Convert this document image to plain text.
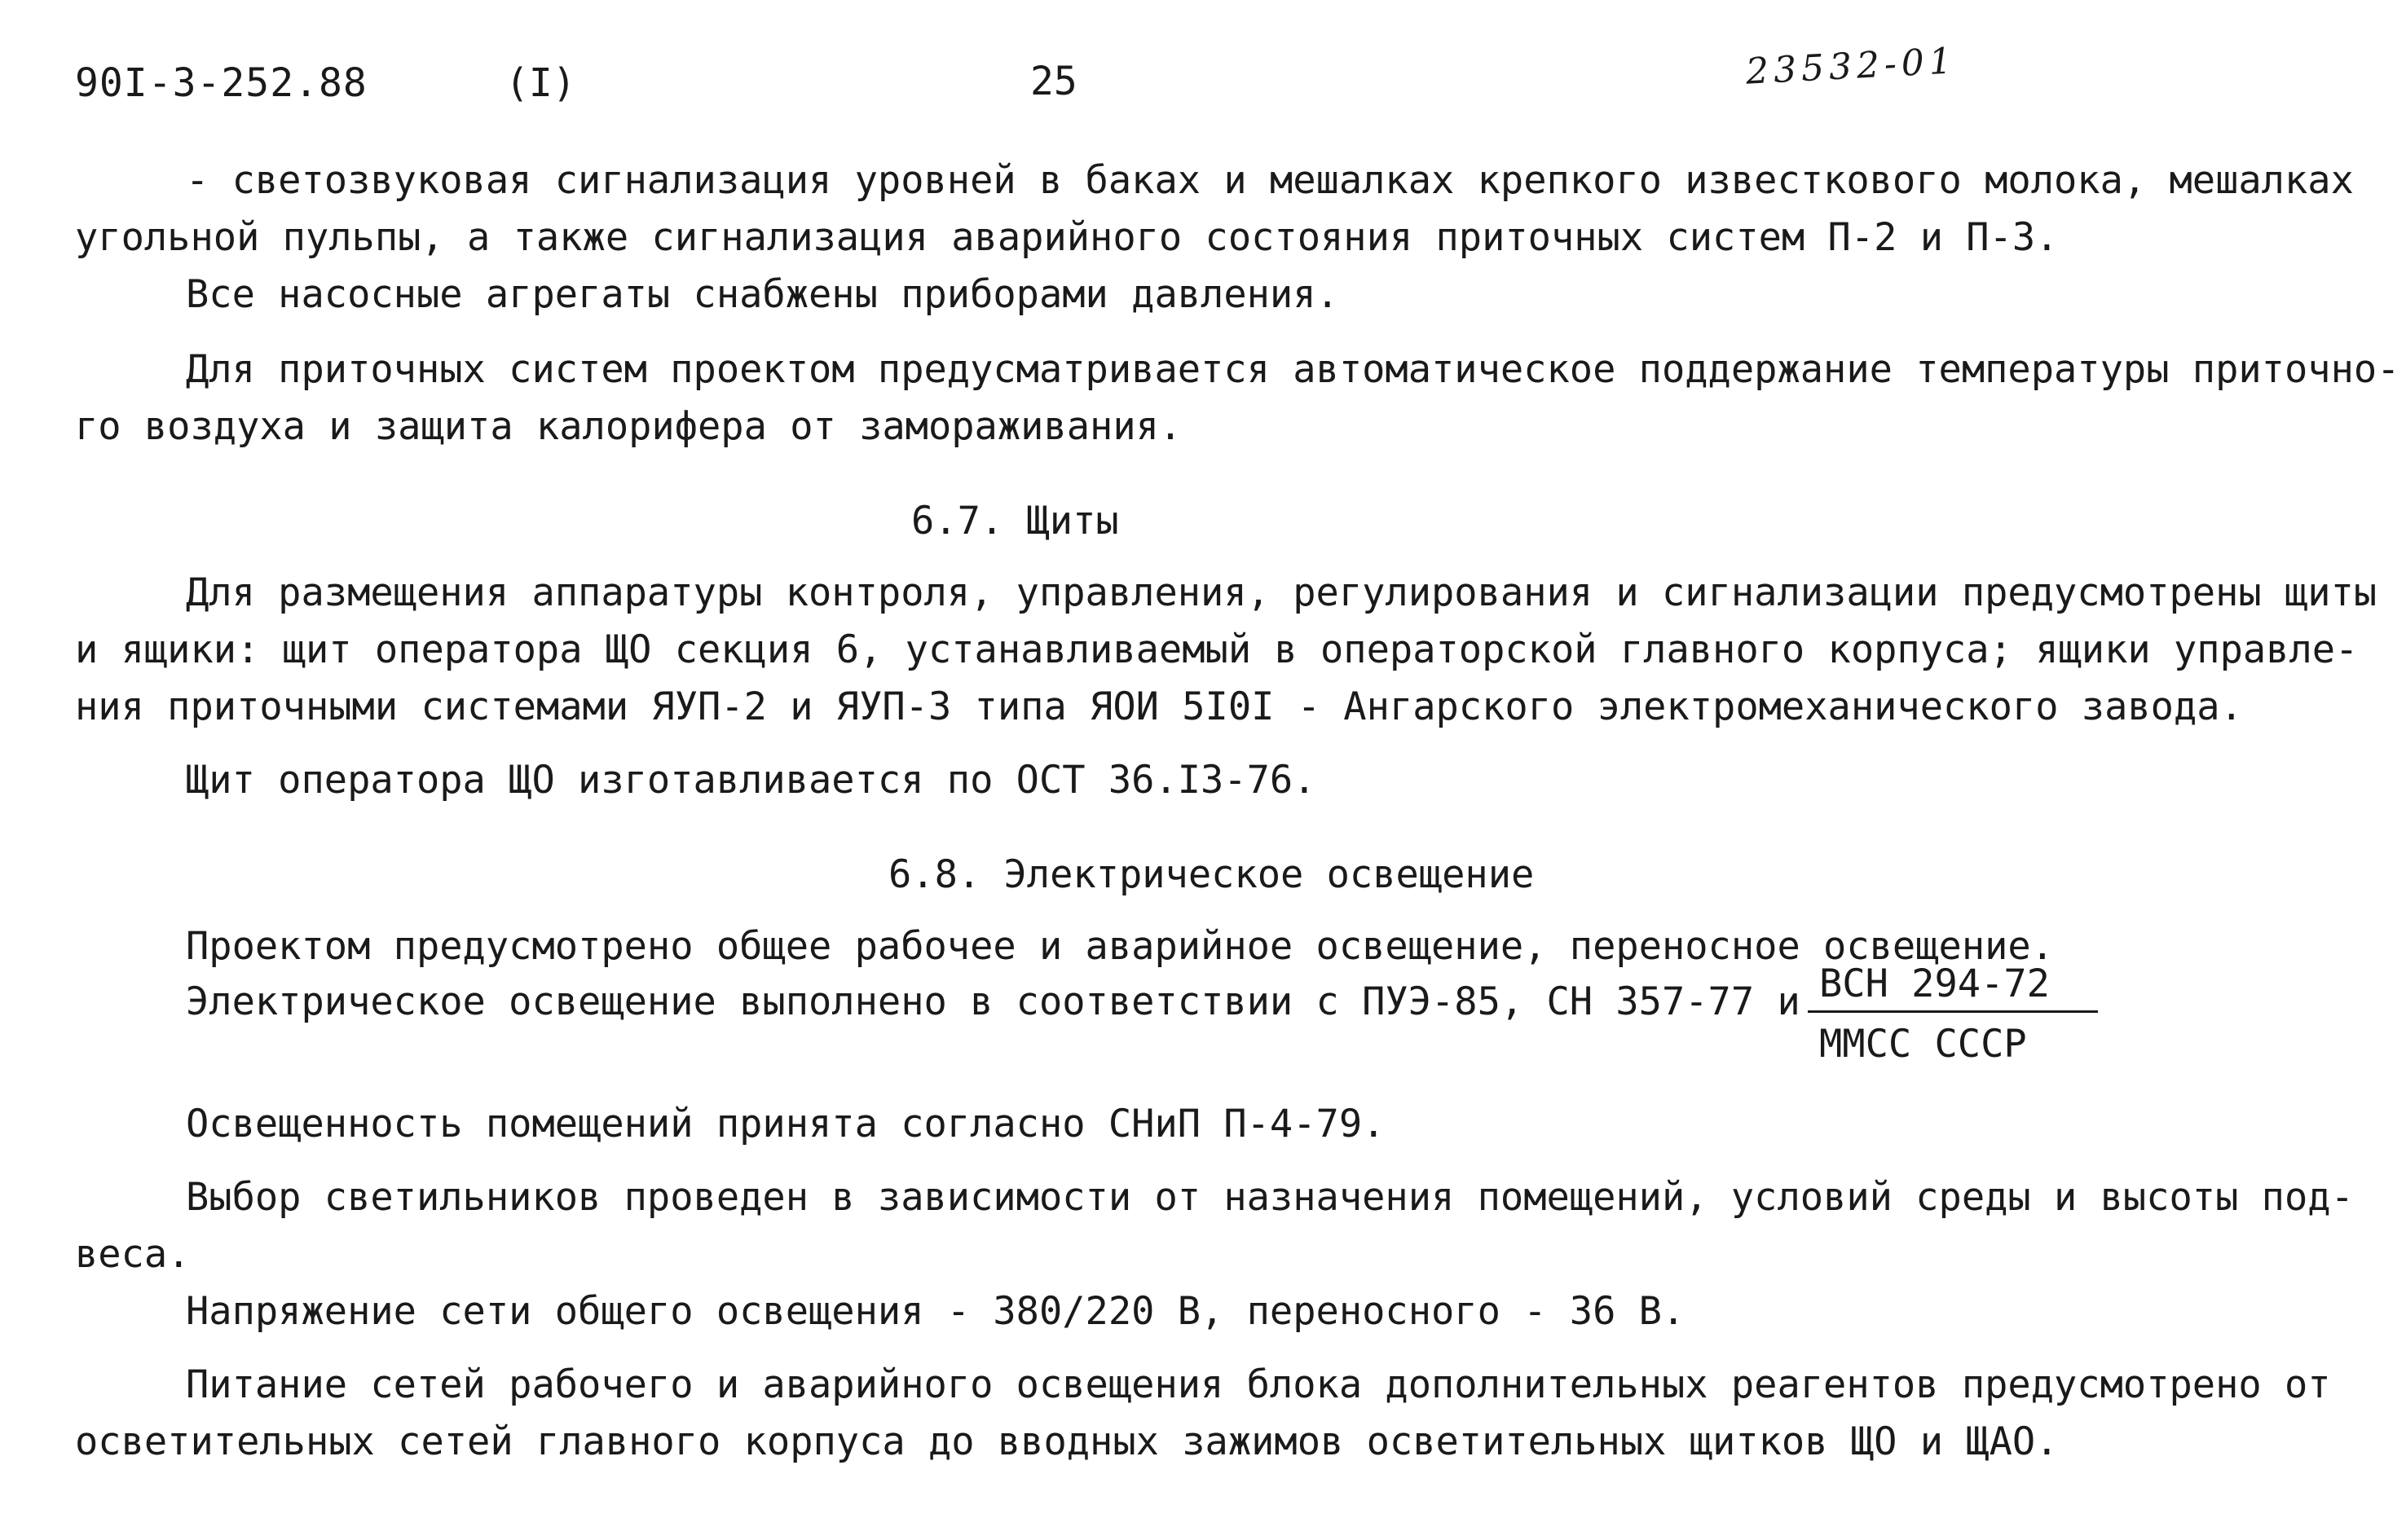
90I-3-252.88	(I)	25	23532-01
- светозвуковая сигнализация уровней в баках и мешалках крепкого известкового молока, мешалках
угольной пульпы, а также сигнализация аварийного состояния приточных систем П-2 и П-3.
Все насосные агрегаты снабжены приборами давления.
Для приточных систем проектом предусматривается автоматическое поддержание температуры приточно-
го воздуха и защита калорифера от замораживания.
6.7. Щиты
Для размещения аппаратуры контроля, управления, регулирования и сигнализации предусмотрены щиты
и ящики: щит оператора ЩО секция 6, устанавливаемый в операторской главного корпуса; ящики управле-
ния приточными системами ЯУП-2 и ЯУП-3 типа ЯОИ 5I0I - Ангарского электромеханического завода.
Щит оператора ЩО изготавливается по ОСТ 36.I3-76.
6.8. Электрическое освещение
Проектом предусмотрено общее рабочее и аварийное освещение, переносное освещение.
Электрическое освещение выполнено в соответствии с ПУЭ-85, СН 357-77 и ВСН 294-72
ММСС СССР
Освещенность помещений принята согласно СНиП П-4-79.
Выбор светильников проведен в зависимости от назначения помещений, условий среды и высоты под-
веса.
Напряжение сети общего освещения - 380/220 В, переносного - 36 В.
Питание сетей рабочего и аварийного освещения блока дополнительных реагентов предусмотрено от
осветительных сетей главного корпуса до вводных зажимов осветительных щитков ЩО и ЩАО.
